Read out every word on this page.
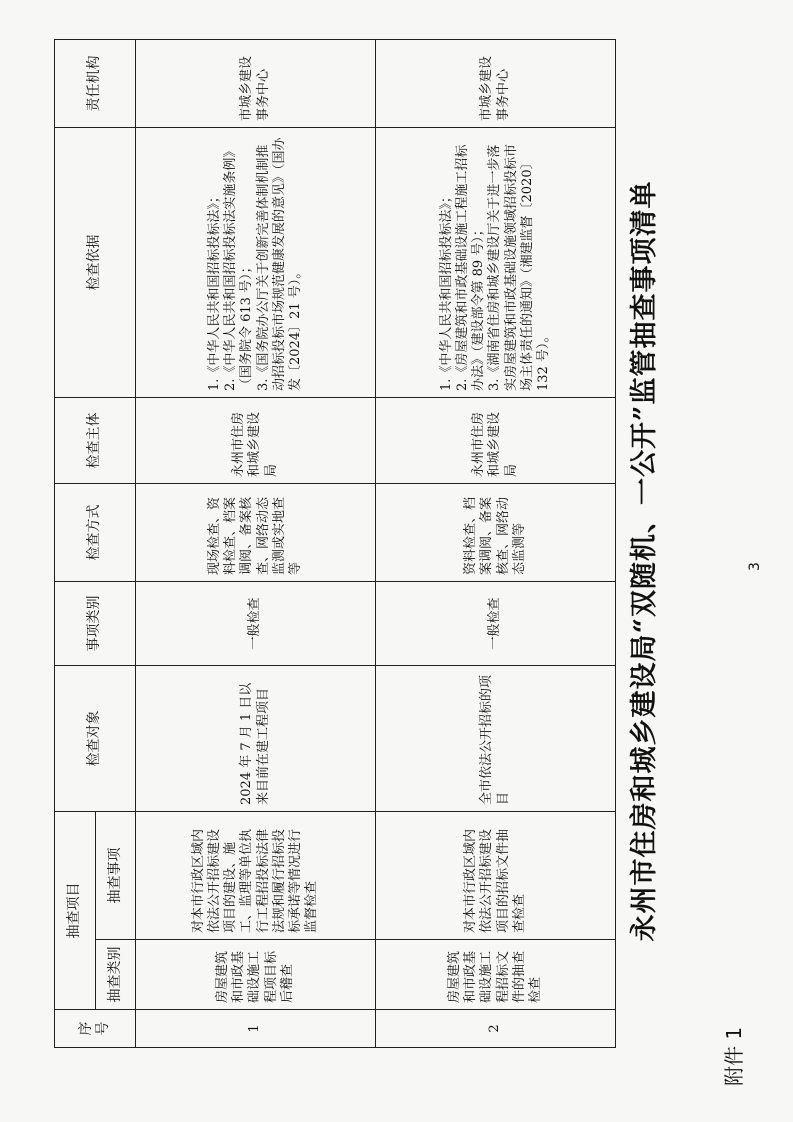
附件 1
永州市住房和城乡建设局“双随机、一公开”监管抽查事项清单
序号	抽查项目		检查对象	事项类别	检查方式	检查主体	检查依据	责任机构
	抽查类别	抽查事项						
1	房屋建筑和市政基础设施工程项目标后稽查	对本市行政区域内依法公开招标建设项目的建设、施工、监理等单位执行工程招投标法律法规和履行招标投标承诺等情况进行监督检查	2024 年 7 月 1 日以来目前在建工程项目	一般检查	现场检查、资料检查、档案调阅、备案核查、网络动态监测或实地查等	永州市住房和城乡建设局	1.《中华人民共和国招标投标法》； 2.《中华人民共和国招标投标法实施条例》（国务院令 613 号）； 3.《国务院办公厅关于创新完善体制机制推动招标投标市场规范健康发展的意见》（国办发〔2024〕21 号）。	市城乡建设事务中心
2	房屋建筑和市政基础设施工程招标文件的抽查检查	对本市行政区域内依法公开招标建设项目的招标文件抽查检查	全市依法公开招标的项目	一般检查	资料检查、档案调阅、备案核查、网络动态监测等	永州市住房和城乡建设局	1.《中华人民共和国招标投标法》； 2.《房屋建筑和市政基础设施工程施工招标办法》（建设部令第 89 号）； 3.《湖南省住房和城乡建设厅关于进一步落实房屋建筑和市政基础设施领域招标投标市场主体责任的通知》（湘建监督〔2020〕132 号）。	市城乡建设事务中心
3
